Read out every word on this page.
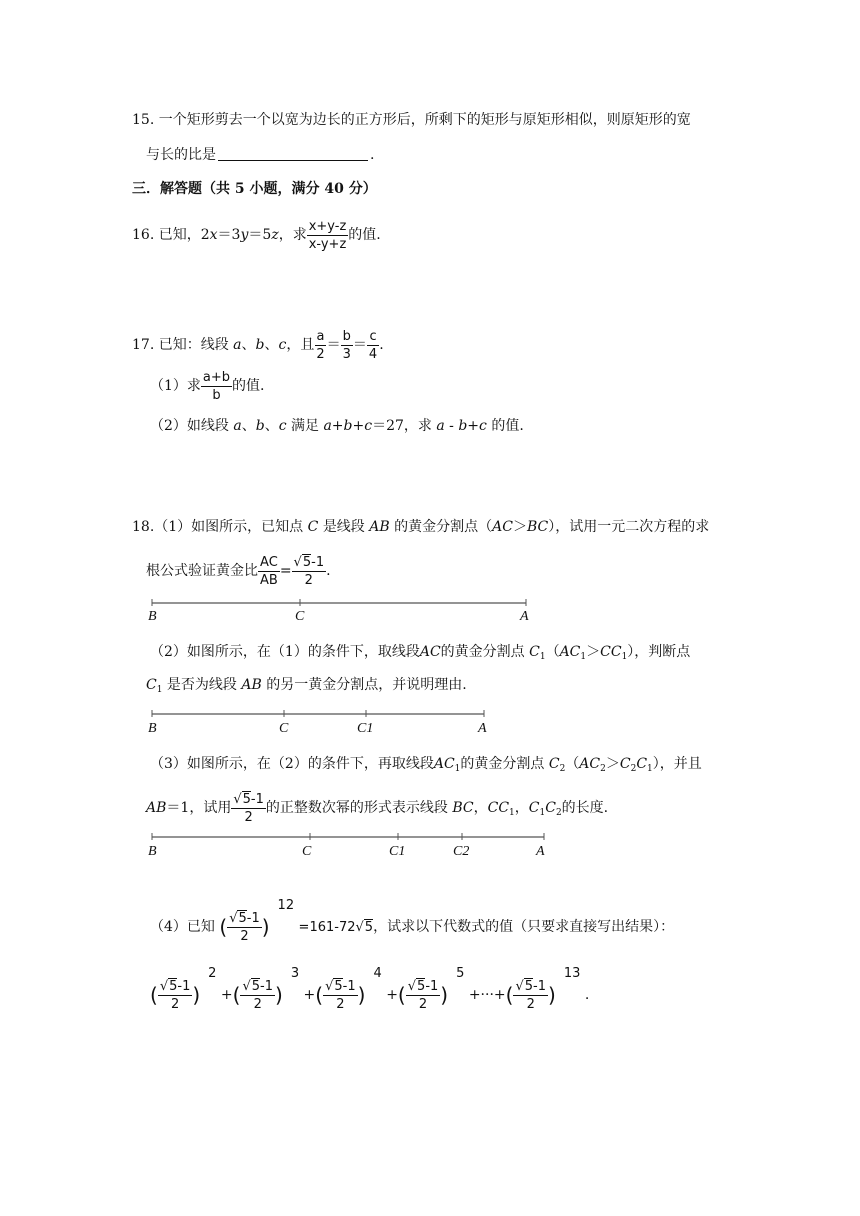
15. 一个矩形剪去一个以宽为边长的正方形后，所剩下的矩形与原矩形相似，则原矩形的宽
与长的比是	.
三．解答题（共 5 小题，满分 40 分）
16. 已知，2x＝3y＝5z，求 $\frac{x+y-z}{x-y+z}$ 的值.
17. 已知：线段 a、b、c，且 $\frac{a}{2} = \frac{b}{3} = \frac{c}{4}$ .
（1）求 $\frac{a+b}{b}$ 的值.
（2）如线段 a、b、c 满足 a+b+c＝27，求 a - b+c 的值.
18.（1）如图所示，已知点 C 是线段 AB 的黄金分割点（AC＞BC），试用一元二次方程的求
根公式验证黄金比 $\frac{AC}{AB} = \frac{√5-1}{2}$ .
B	C	A
（2）如图所示，在（1）的条件下，取线段AC的黄金分割点 $C_1(AC_1>CC_1)$，判断点
$C_1$ 是否为线段 AB 的另一黄金分割点，并说明理由.
B	C	C1	A
（3）如图所示，在（2）的条件下，再取线段$AC_1$的黄金分割点 $C_2(AC_2>C_2C_1)$，并且
AB＝1，试用 $\frac{√5-1}{2}$ 的正整数次幂的形式表示线段 BC，$CC_1$，$C_1C_2$的长度.
B	C	C1	C2	A
（4）已知 ( $\frac{√5-1}{2} )12 =161-72√5$，试求以下代数式的值（只要求直接写出结果）：
( $\frac{√5-1}{2} )2$ +( $\frac{√5-1}{2} )3$ +( $\frac{√5-1}{2} )4$ +( $\frac{√5-1}{2} )5$ +···+( $\frac{√5-1}{2} )13$ .
